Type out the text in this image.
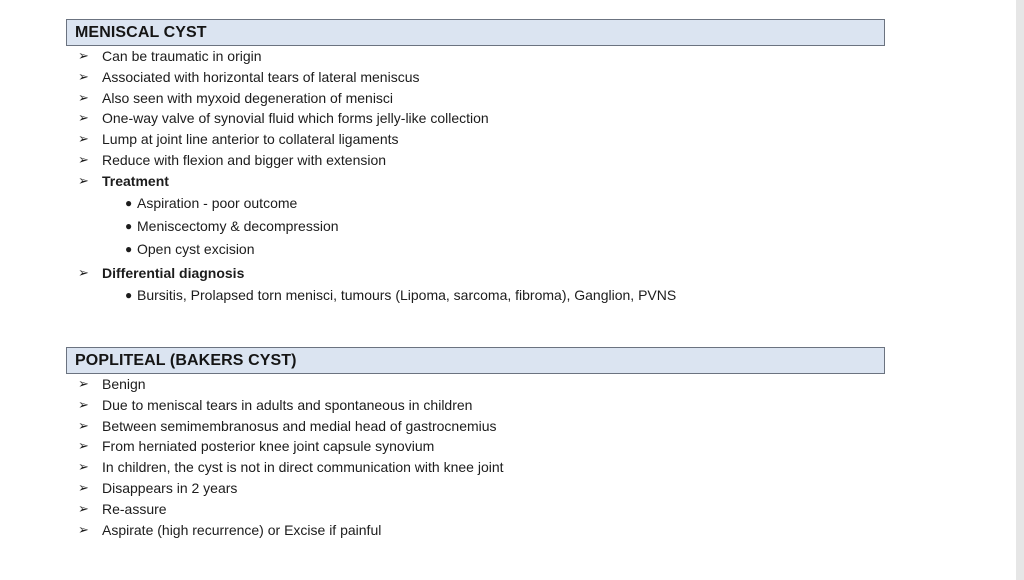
MENISCAL CYST
➢ Can be traumatic in origin
➢ Associated with horizontal tears of lateral meniscus
➢ Also seen with myxoid degeneration of menisci
➢ One-way valve of synovial fluid which forms jelly-like collection
➢ Lump at joint line anterior to collateral ligaments
➢ Reduce with flexion and bigger with extension
➢ Treatment
● Aspiration - poor outcome
● Meniscectomy & decompression
● Open cyst excision
➢ Differential diagnosis
● Bursitis, Prolapsed torn menisci, tumours (Lipoma, sarcoma, fibroma), Ganglion, PVNS
POPLITEAL (BAKERS CYST)
➢ Benign
➢ Due to meniscal tears in adults and spontaneous in children
➢ Between semimembranosus and medial head of gastrocnemius
➢ From herniated posterior knee joint capsule synovium
➢ In children, the cyst is not in direct communication with knee joint
➢ Disappears in 2 years
➢ Re-assure
➢ Aspirate (high recurrence) or Excise if painful
